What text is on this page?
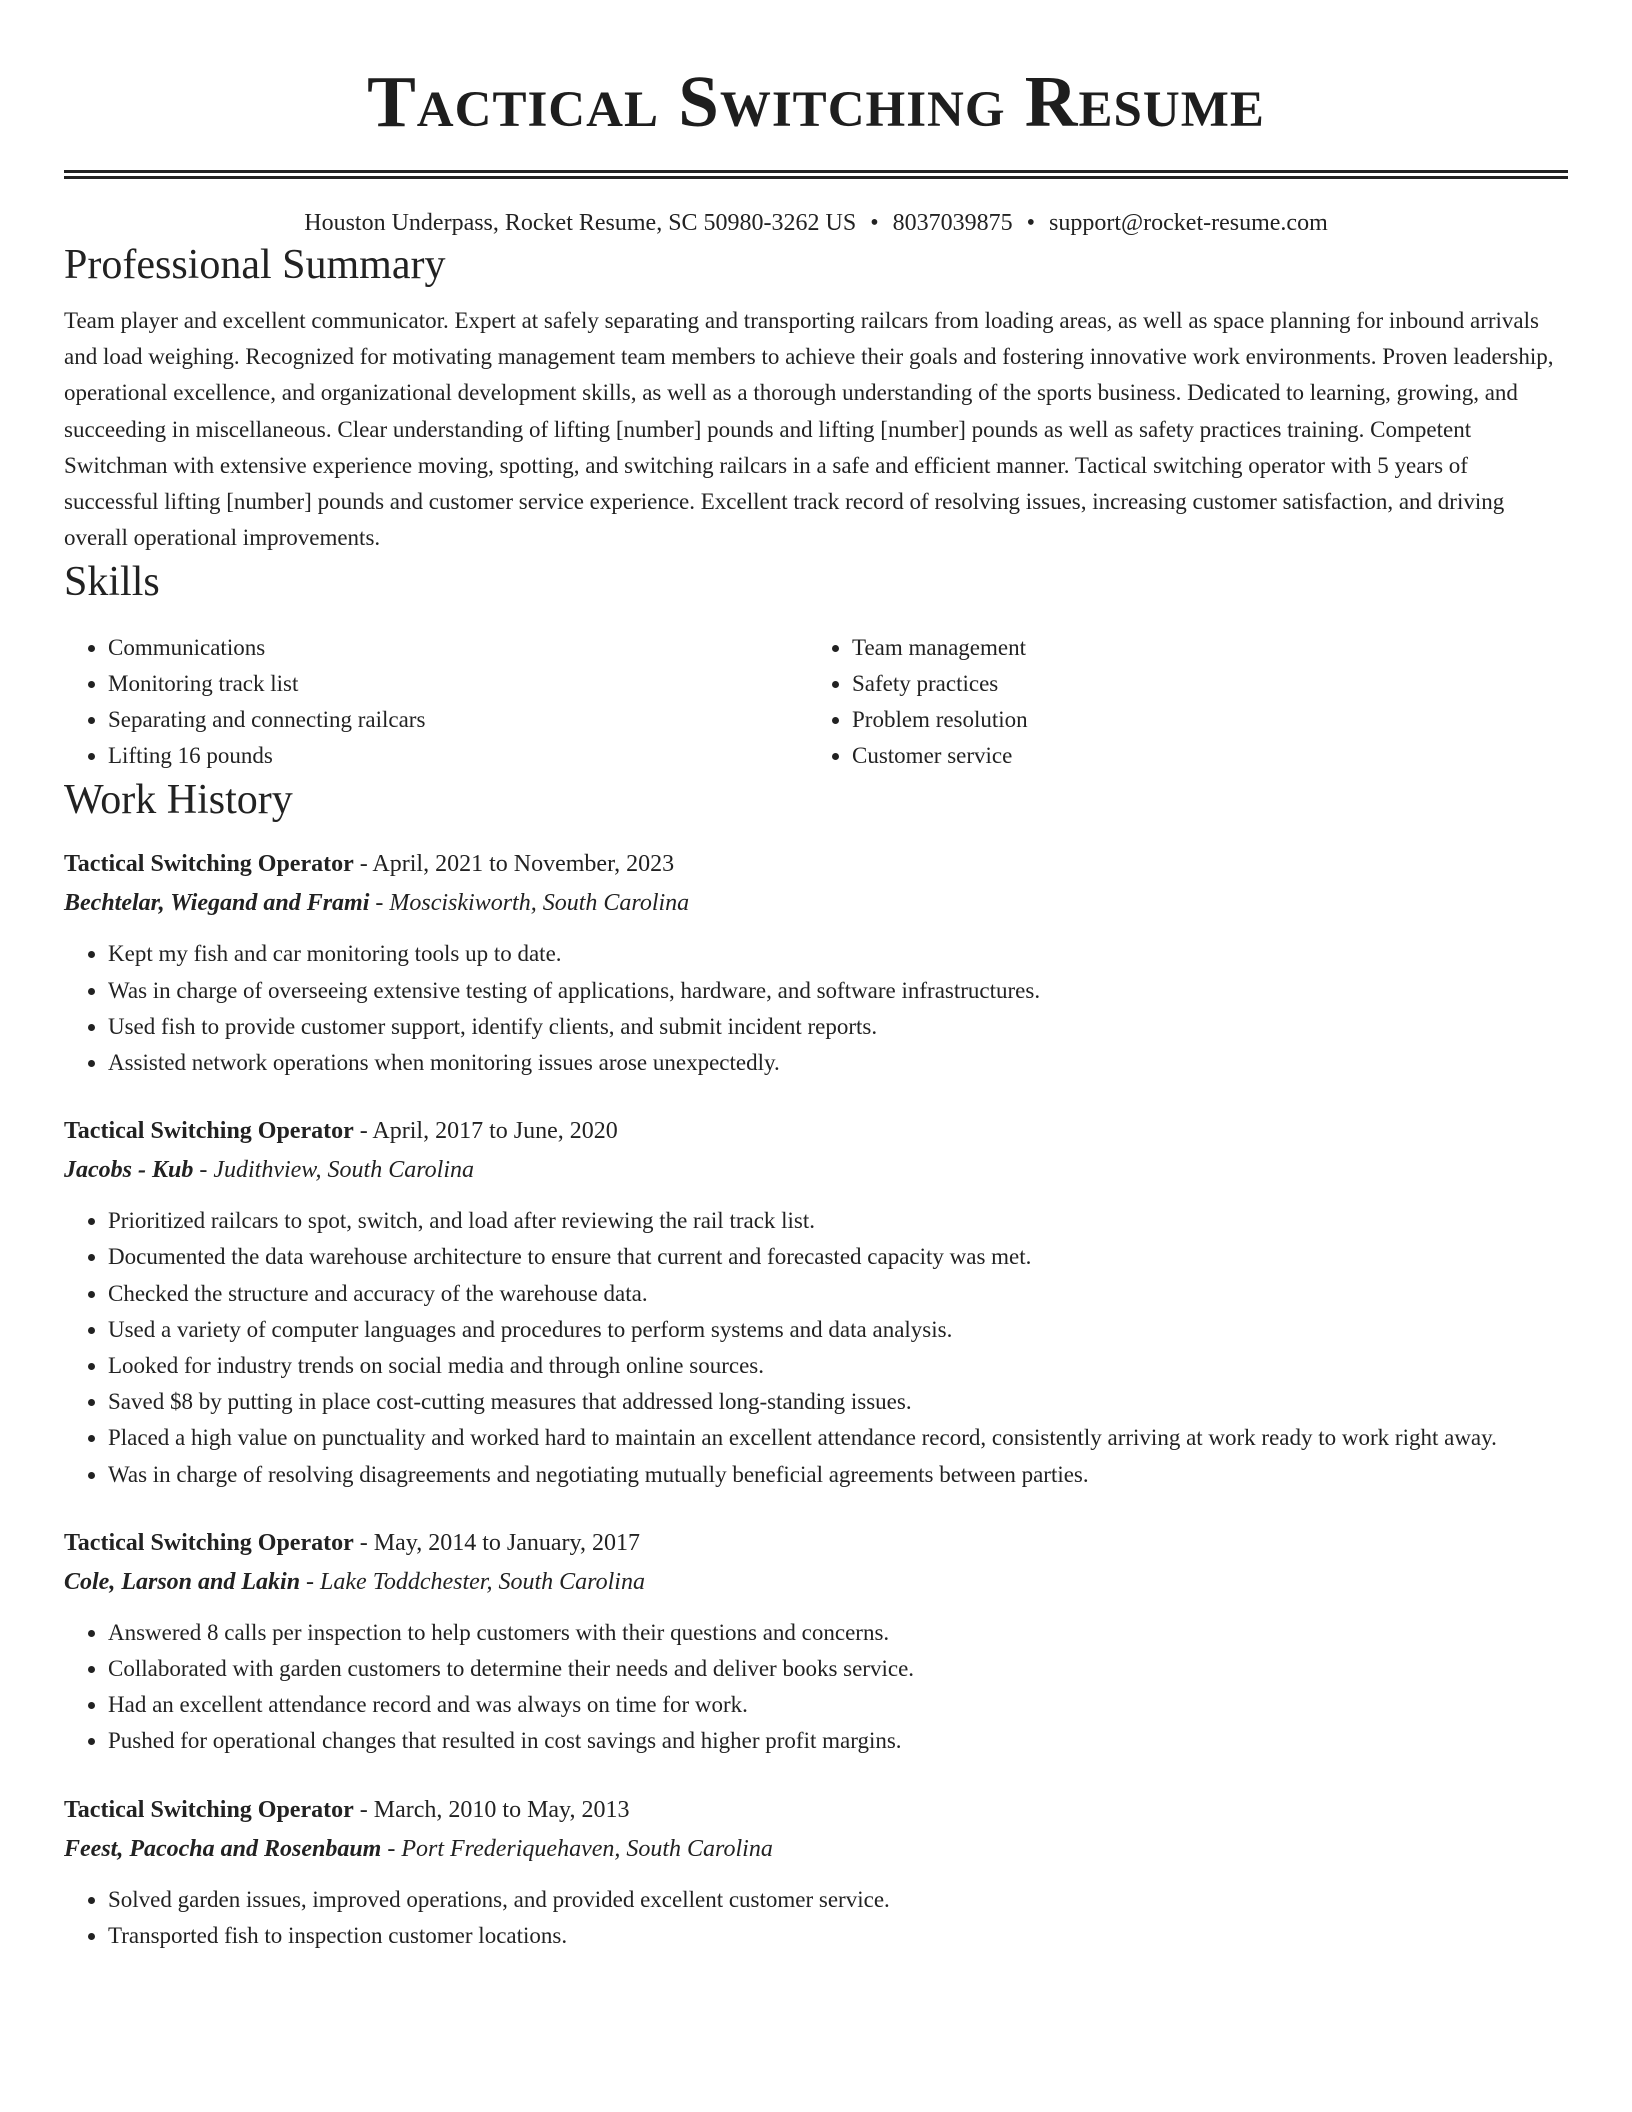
Tactical Switching Resume
Houston Underpass, Rocket Resume, SC 50980-3262 US • 8037039875 • support@rocket-resume.com
Professional Summary
Team player and excellent communicator. Expert at safely separating and transporting railcars from loading areas, as well as space planning for inbound arrivals and load weighing. Recognized for motivating management team members to achieve their goals and fostering innovative work environments. Proven leadership, operational excellence, and organizational development skills, as well as a thorough understanding of the sports business. Dedicated to learning, growing, and succeeding in miscellaneous. Clear understanding of lifting [number] pounds and lifting [number] pounds as well as safety practices training. Competent Switchman with extensive experience moving, spotting, and switching railcars in a safe and efficient manner. Tactical switching operator with 5 years of successful lifting [number] pounds and customer service experience. Excellent track record of resolving issues, increasing customer satisfaction, and driving overall operational improvements.
Skills
• Communications
• Monitoring track list
• Separating and connecting railcars
• Lifting 16 pounds
• Team management
• Safety practices
• Problem resolution
• Customer service
Work History
Tactical Switching Operator - April, 2021 to November, 2023
Bechtelar, Wiegand and Frami - Mosciskiworth, South Carolina
• Kept my fish and car monitoring tools up to date.
• Was in charge of overseeing extensive testing of applications, hardware, and software infrastructures.
• Used fish to provide customer support, identify clients, and submit incident reports.
• Assisted network operations when monitoring issues arose unexpectedly.
Tactical Switching Operator - April, 2017 to June, 2020
Jacobs - Kub - Judithview, South Carolina
• Prioritized railcars to spot, switch, and load after reviewing the rail track list.
• Documented the data warehouse architecture to ensure that current and forecasted capacity was met.
• Checked the structure and accuracy of the warehouse data.
• Used a variety of computer languages and procedures to perform systems and data analysis.
• Looked for industry trends on social media and through online sources.
• Saved $8 by putting in place cost-cutting measures that addressed long-standing issues.
• Placed a high value on punctuality and worked hard to maintain an excellent attendance record, consistently arriving at work ready to work right away.
• Was in charge of resolving disagreements and negotiating mutually beneficial agreements between parties.
Tactical Switching Operator - May, 2014 to January, 2017
Cole, Larson and Lakin - Lake Toddchester, South Carolina
• Answered 8 calls per inspection to help customers with their questions and concerns.
• Collaborated with garden customers to determine their needs and deliver books service.
• Had an excellent attendance record and was always on time for work.
• Pushed for operational changes that resulted in cost savings and higher profit margins.
Tactical Switching Operator - March, 2010 to May, 2013
Feest, Pacocha and Rosenbaum - Port Frederiquehaven, South Carolina
• Solved garden issues, improved operations, and provided excellent customer service.
• Transported fish to inspection customer locations.
